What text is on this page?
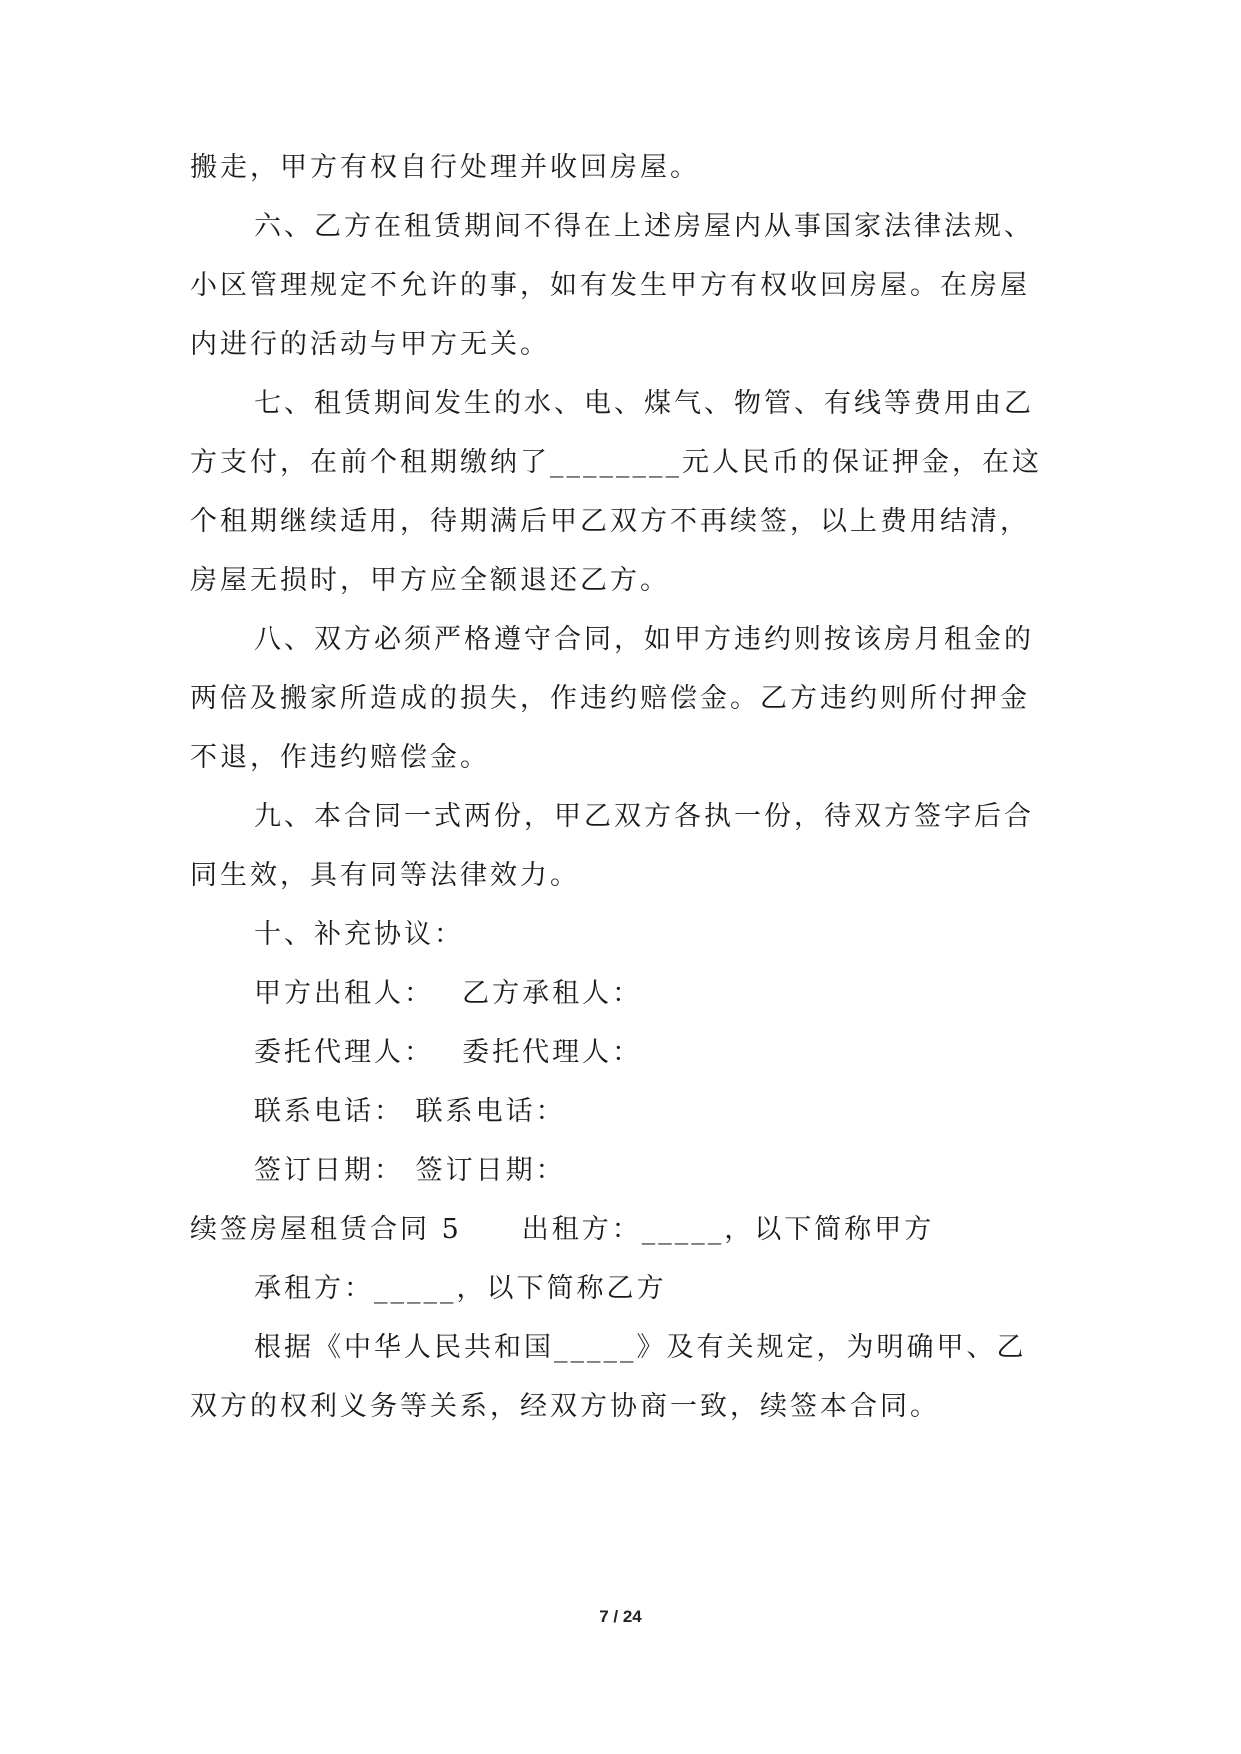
搬走，甲方有权自行处理并收回房屋。
六、乙方在租赁期间不得在上述房屋内从事国家法律法规、
小区管理规定不允许的事，如有发生甲方有权收回房屋。在房屋
内进行的活动与甲方无关。
七、租赁期间发生的水、电、煤气、物管、有线等费用由乙
方支付，在前个租期缴纳了________元人民币的保证押金，在这
个租期继续适用，待期满后甲乙双方不再续签，以上费用结清，
房屋无损时，甲方应全额退还乙方。
八、双方必须严格遵守合同，如甲方违约则按该房月租金的
两倍及搬家所造成的损失，作违约赔偿金。乙方违约则所付押金
不退，作违约赔偿金。
九、本合同一式两份，甲乙双方各执一份，待双方签字后合
同生效，具有同等法律效力。
十、补充协议：
甲方出租人：　 乙方承租人：
委托代理人：　 委托代理人：
联系电话： 联系电话：
签订日期： 签订日期：
续签房屋租赁合同 5　　出租方：_____，以下简称甲方
承租方：_____，以下简称乙方
根据《中华人民共和国_____》及有关规定，为明确甲、乙
双方的权利义务等关系，经双方协商一致，续签本合同。
7 / 24
